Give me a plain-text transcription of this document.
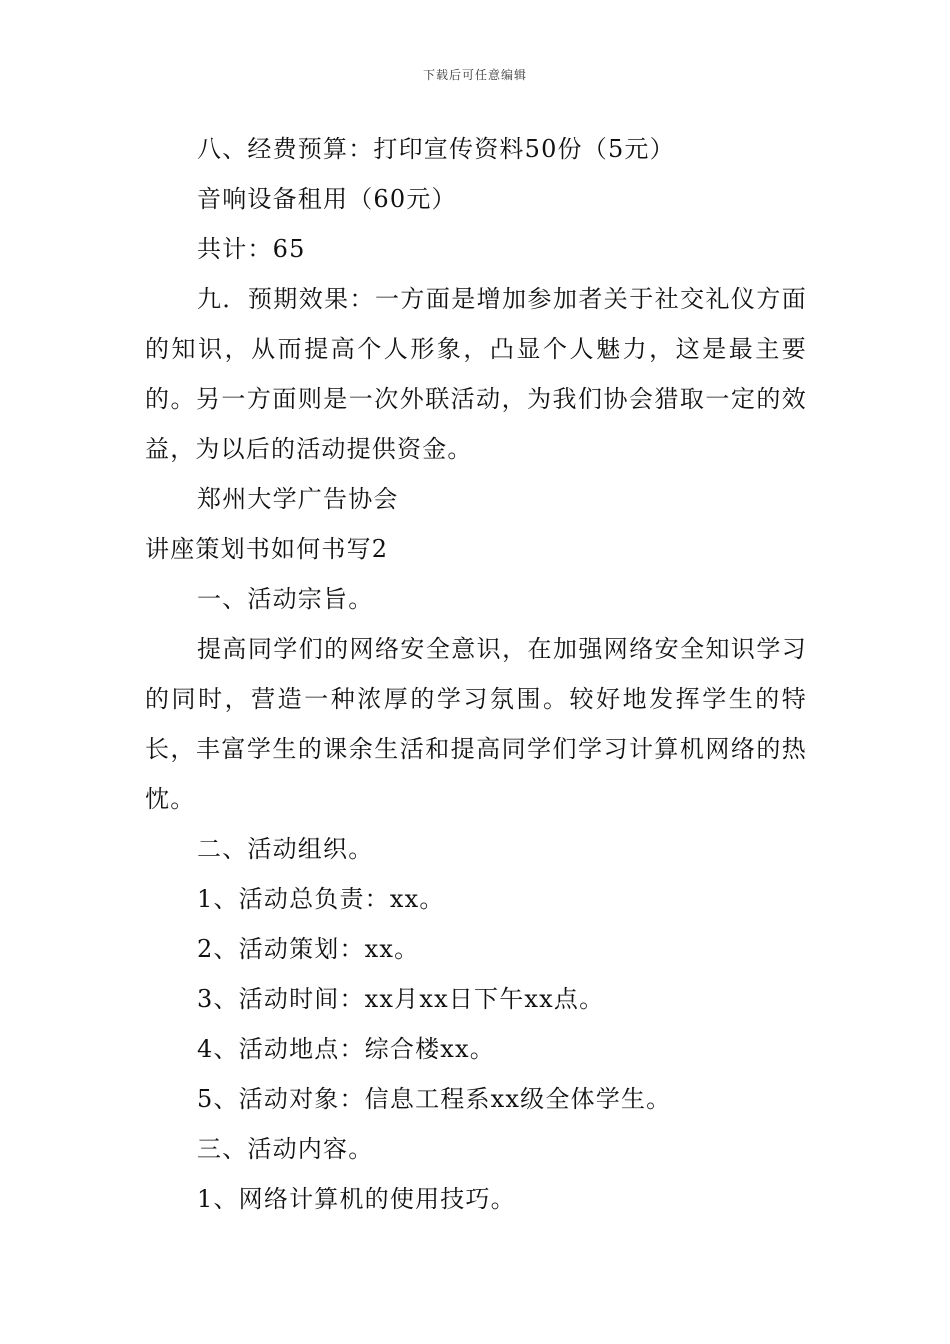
下载后可任意编辑

八、经费预算：打印宣传资料50份（5元）

音响设备租用（60元）

共计：65

九．预期效果：一方面是增加参加者关于社交礼仪方面的知识，从而提高个人形象，凸显个人魅力，这是最主要的。另一方面则是一次外联活动，为我们协会猎取一定的效益，为以后的活动提供资金。

郑州大学广告协会

讲座策划书如何书写2

一、活动宗旨。

提高同学们的网络安全意识，在加强网络安全知识学习的同时，营造一种浓厚的学习氛围。较好地发挥学生的特长，丰富学生的课余生活和提高同学们学习计算机网络的热忱。

二、活动组织。

1、活动总负责：xx。

2、活动策划：xx。

3、活动时间：xx月xx日下午xx点。

4、活动地点：综合楼xx。

5、活动对象：信息工程系xx级全体学生。

三、活动内容。

1、网络计算机的使用技巧。
